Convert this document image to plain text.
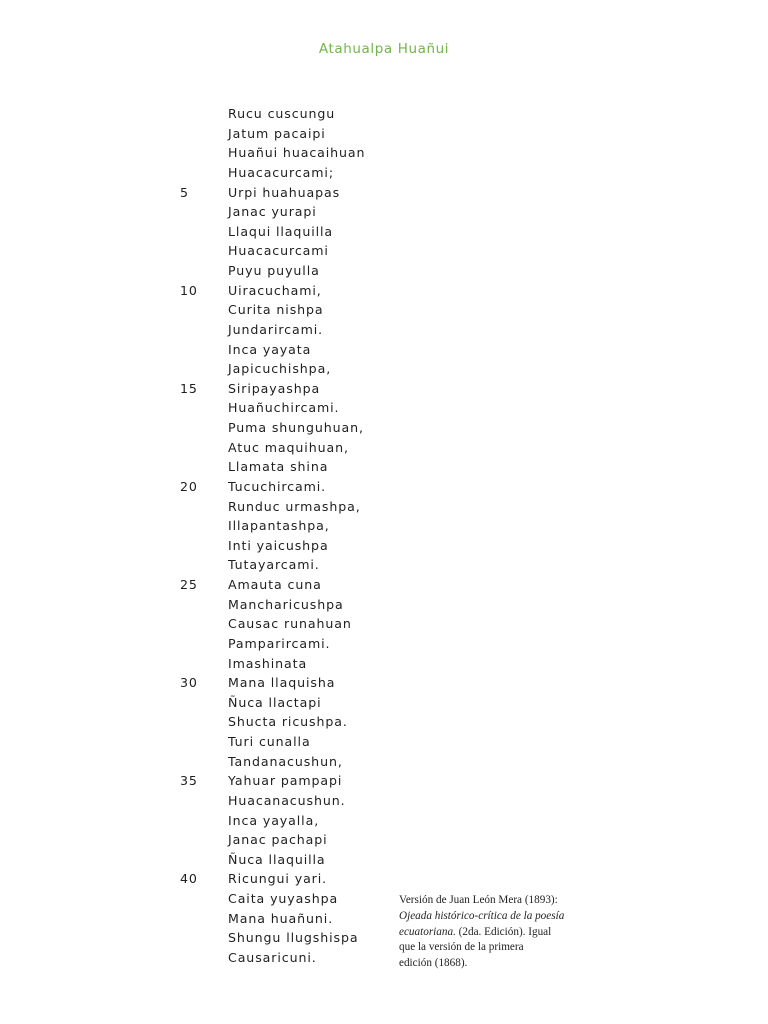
Atahualpa Huañui
Rucu cuscungu
Jatum pacaipi
Huañui huacaihuan
Huacacurcami;
5	Urpi huahuapas
Janac yurapi
Llaqui llaquilla
Huacacurcami
Puyu puyulla
10 Uiracuchami,
Curita nishpa
Jundarircami.
Inca yayata
Japicuchishpa,
15 Siripayashpa
Huañuchircami.
Puma shunguhuan,
Atuc maquihuan,
Llamata shina
20 Tucuchircami.
Runduc urmashpa,
Illapantashpa,
Inti yaicushpa
Tutayarcami.
25 Amauta cuna
Mancharicushpa
Causac runahuan
Pamparircami.
Imashinata
30 Mana llaquisha
Ñuca llactapi
Shucta ricushpa.
Turi cunalla
Tandanacushun,
35 Yahuar pampapi
Huacanacushun.
Inca yayalla,
Janac pachapi
Ñuca llaquilla
40 Ricungui yari.
Caita yuyashpa
Mana huañuni.
Shungu llugshispa
Causaricuni.
Versión de Juan León Mera (1893):
Ojeada histórico-crítica de la poesía
ecuatoriana. (2da. Edición). Igual
que la versión de la primera
edición (1868).
